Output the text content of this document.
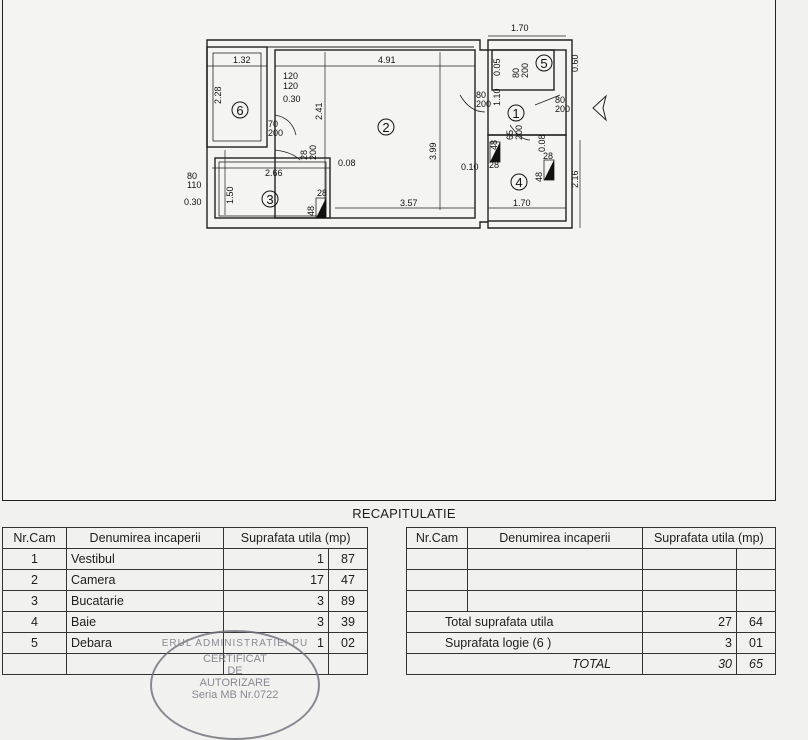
1
2
3
4
5
6
1.70
1.32	4.91	0.60
0.05
1.10
120
120
0.30
2.28
2.41
70 200
3.99
2.16
2.66
0.08	0.10
0.08
80 110
0.30	1.50	3.57	1.70
80 200	80 200
80200
28
48
28
48
28
48
65200
28200
RECAPITULATIE
Nr.Cam	Denumirea incaperii	Suprafata utila (mp)	
1	Vestibul	1	87
2	Camera	17	47
3	Bucatarie	3	89
4	Baie	3	39
5	Debara	1	02

Nr.Cam	Denumirea incaperii	Suprafata utila (mp)	

Total suprafata utila		27	64
Suprafata logie (6 )		3	01
TOTAL		30	65
ERUL ADMINISTRATIEI PU
CERTIFICAT
DE
AUTORIZARE
Seria MB Nr.0722
